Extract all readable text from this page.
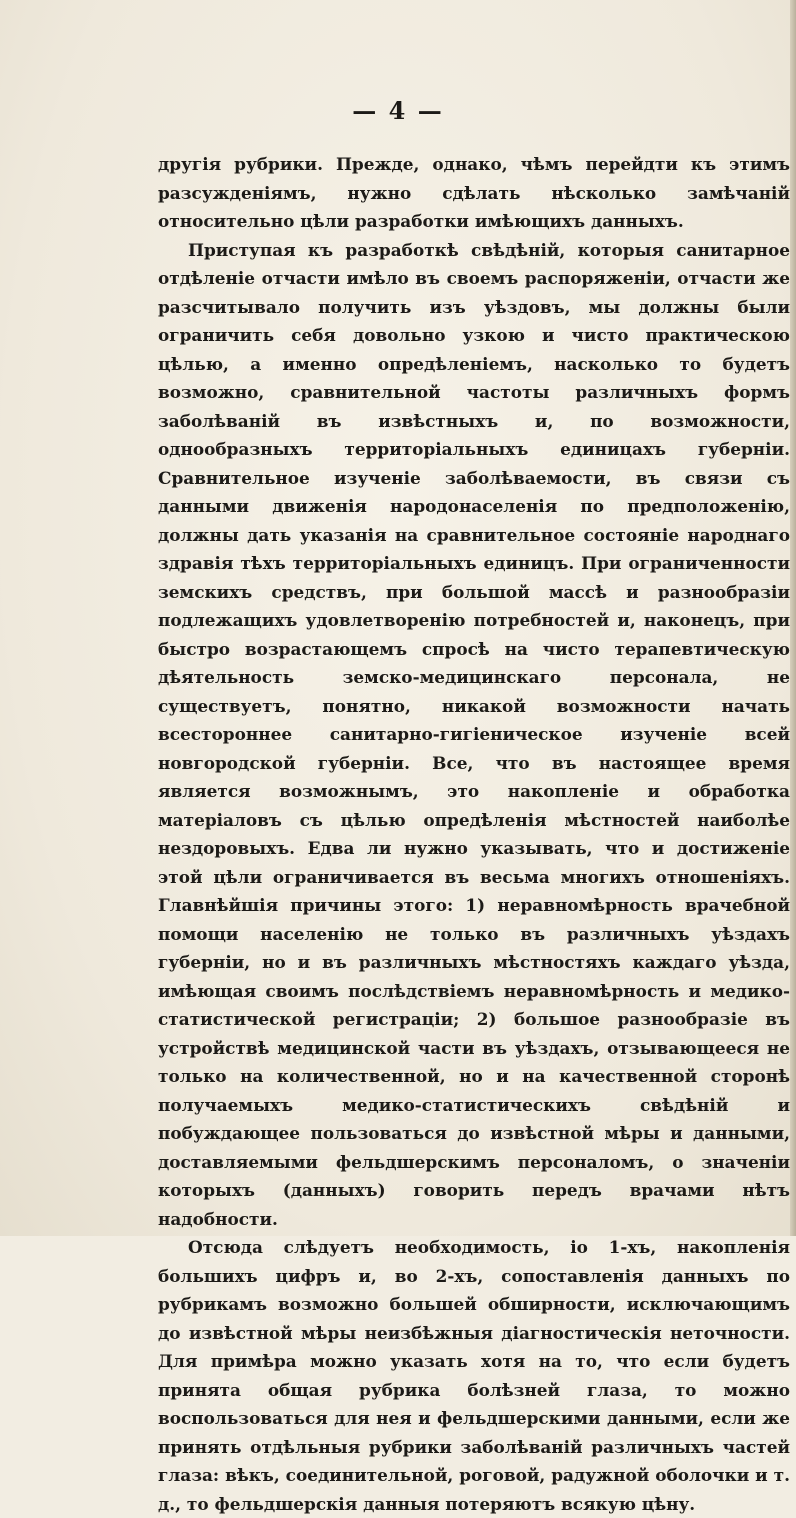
— 4 —

другія рубрики. Прежде, однако, чѣмъ перейдти къ этимъ разсужденіямъ, нужно сдѣлать нѣсколько замѣчаній относительно цѣли разработки имѣющихъ данныхъ.

Приступая къ разработкѣ свѣдѣній, которыя санитарное отдѣленіе отчасти имѣло въ своемъ распоряженіи, отчасти же разсчитывало получить изъ уѣздовъ, мы должны были ограничить себя довольно узкою и чисто практическою цѣлью, а именно опредѣленіемъ, насколько то будетъ возможно, сравнительной частоты различныхъ формъ заболѣваній въ извѣстныхъ и, по возможности, однообразныхъ территоріальныхъ единицахъ губерніи. Сравнительное изученіе заболѣваемости, въ связи съ данными движенія народонаселенія по предположенію, должны дать указанія на сравнительное состояніе народнаго здравія тѣхъ территоріальныхъ единицъ. При ограниченности земскихъ средствъ, при большой массѣ и разнообразіи подлежащихъ удовлетворенію потребностей и, наконецъ, при быстро возрастающемъ спросѣ на чисто терапевтическую дѣятельность земско-медицинскаго персонала, не существуетъ, понятно, никакой возможности начать всестороннее санитарно-гигіеническое изученіе всей новгородской губерніи. Все, что въ настоящее время является возможнымъ, это накопленіе и обработка матеріаловъ съ цѣлью опредѣленія мѣстностей наиболѣе нездоровыхъ. Едва ли нужно указывать, что и достиженіе этой цѣли ограничивается въ весьма многихъ отношеніяхъ. Главнѣйшія причины этого: 1) неравномѣрность врачебной помощи населенію не только въ различныхъ уѣздахъ губерніи, но и въ различныхъ мѣстностяхъ каждаго уѣзда, имѣющая своимъ послѣдствіемъ неравномѣрность и медико-статистической регистраціи; 2) большое разнообразіе въ устройствѣ медицинской части въ уѣздахъ, отзывающееся не только на количественной, но и на качественной сторонѣ получаемыхъ медико-статистическихъ свѣдѣній и побуждающее пользоваться до извѣстной мѣры и данными, доставляемыми фельдшерскимъ персоналомъ, о значеніи которыхъ (данныхъ) говорить передъ врачами нѣтъ надобности.

Отсюда слѣдуетъ необходимость, іо 1-хъ, накопленія большихъ цифръ и, во 2-хъ, сопоставленія данныхъ по рубрикамъ возможно большей обширности, исключающимъ до извѣстной мѣры неизбѣжныя діагностическія неточности. Для примѣра можно указать хотя на то, что если будетъ принята общая рубрика болѣзней глаза, то можно воспользоваться для нея и фельдшерскими данными, если же принять отдѣльныя рубрики заболѣваній различныхъ частей глаза: вѣкъ, соединительной, роговой, радужной оболочки и т. д., то фельдшерскія данныя потеряютъ всякую цѣну.
